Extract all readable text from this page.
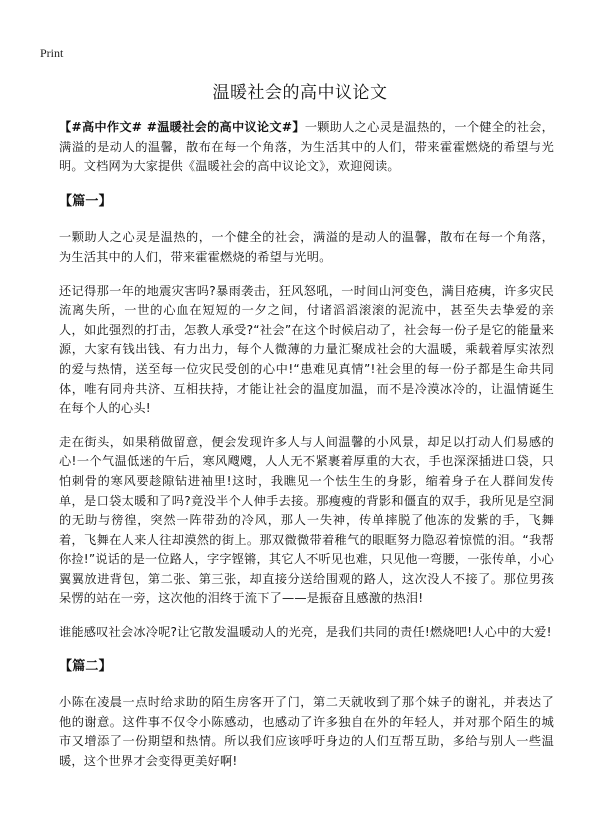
Print
温暖社会的高中议论文

【#高中作文# #温暖社会的高中议论文#】一颗助人之心灵是温热的，一个健全的社会，满溢的是动人的温馨，散布在每一个角落，为生活其中的人们，带来霍霍燃烧的希望与光明。文档网为大家提供《温暖社会的高中议论文》，欢迎阅读。

【篇一】

一颗助人之心灵是温热的，一个健全的社会，满溢的是动人的温馨，散布在每一个角落，为生活其中的人们，带来霍霍燃烧的希望与光明。

还记得那一年的地震灾害吗?暴雨袭击，狂风怒吼，一时间山河变色，满目疮痍，许多灾民流离失所，一世的心血在短短的一夕之间，付诸滔滔滚滚的泥流中，甚至失去挚爱的亲人，如此强烈的打击，怎教人承受?“社会”在这个时候启动了，社会每一份子是它的能量来源，大家有钱出钱、有力出力，每个人微薄的力量汇聚成社会的大温暖，乘载着厚实浓烈的爱与热情，送至每一位灾民受创的心中!“患难见真情”!社会里的每一份子都是生命共同体，唯有同舟共济、互相扶持，才能让社会的温度加温，而不是冷漠冰冷的，让温情诞生在每个人的心头!

走在街头，如果稍做留意，便会发现许多人与人间温馨的小风景，却足以打动人们易感的心!一个气温低迷的午后，寒风飕飕，人人无不紧裹着厚重的大衣，手也深深插进口袋，只怕刺骨的寒风要趁隙钻进袖里!这时，我瞧见一个怯生生的身影，缩着身子在人群间发传单，是口袋太暖和了吗?竟没半个人伸手去接。那瘦瘦的背影和僵直的双手，我所见是空洞的无助与徬徨，突然一阵带劲的冷风，那人一失神，传单摔脱了他冻的发紫的手，飞舞着，飞舞在人来人往却漠然的街上。那双微微带着稚气的眼眶努力隐忍着惊慌的泪。“我帮你捡!”说话的是一位路人，字字铿锵，其它人不听见也难，只见他一弯腰，一张传单，小心翼翼放进背包，第二张、第三张，却直接分送给围观的路人，这次没人不接了。那位男孩呆愣的站在一旁，这次他的泪终于流下了——是振奋且感激的热泪!

谁能感叹社会冰冷呢?让它散发温暖动人的光亮，是我们共同的责任!燃烧吧!人心中的大爱!

【篇二】

小陈在凌晨一点时给求助的陌生房客开了门，第二天就收到了那个妹子的谢礼，并表达了他的谢意。这件事不仅令小陈感动，也感动了许多独自在外的年轻人，并对那个陌生的城市又增添了一份期望和热情。所以我们应该呼吁身边的人们互帮互助，多给与别人一些温暖，这个世界才会变得更美好啊!
